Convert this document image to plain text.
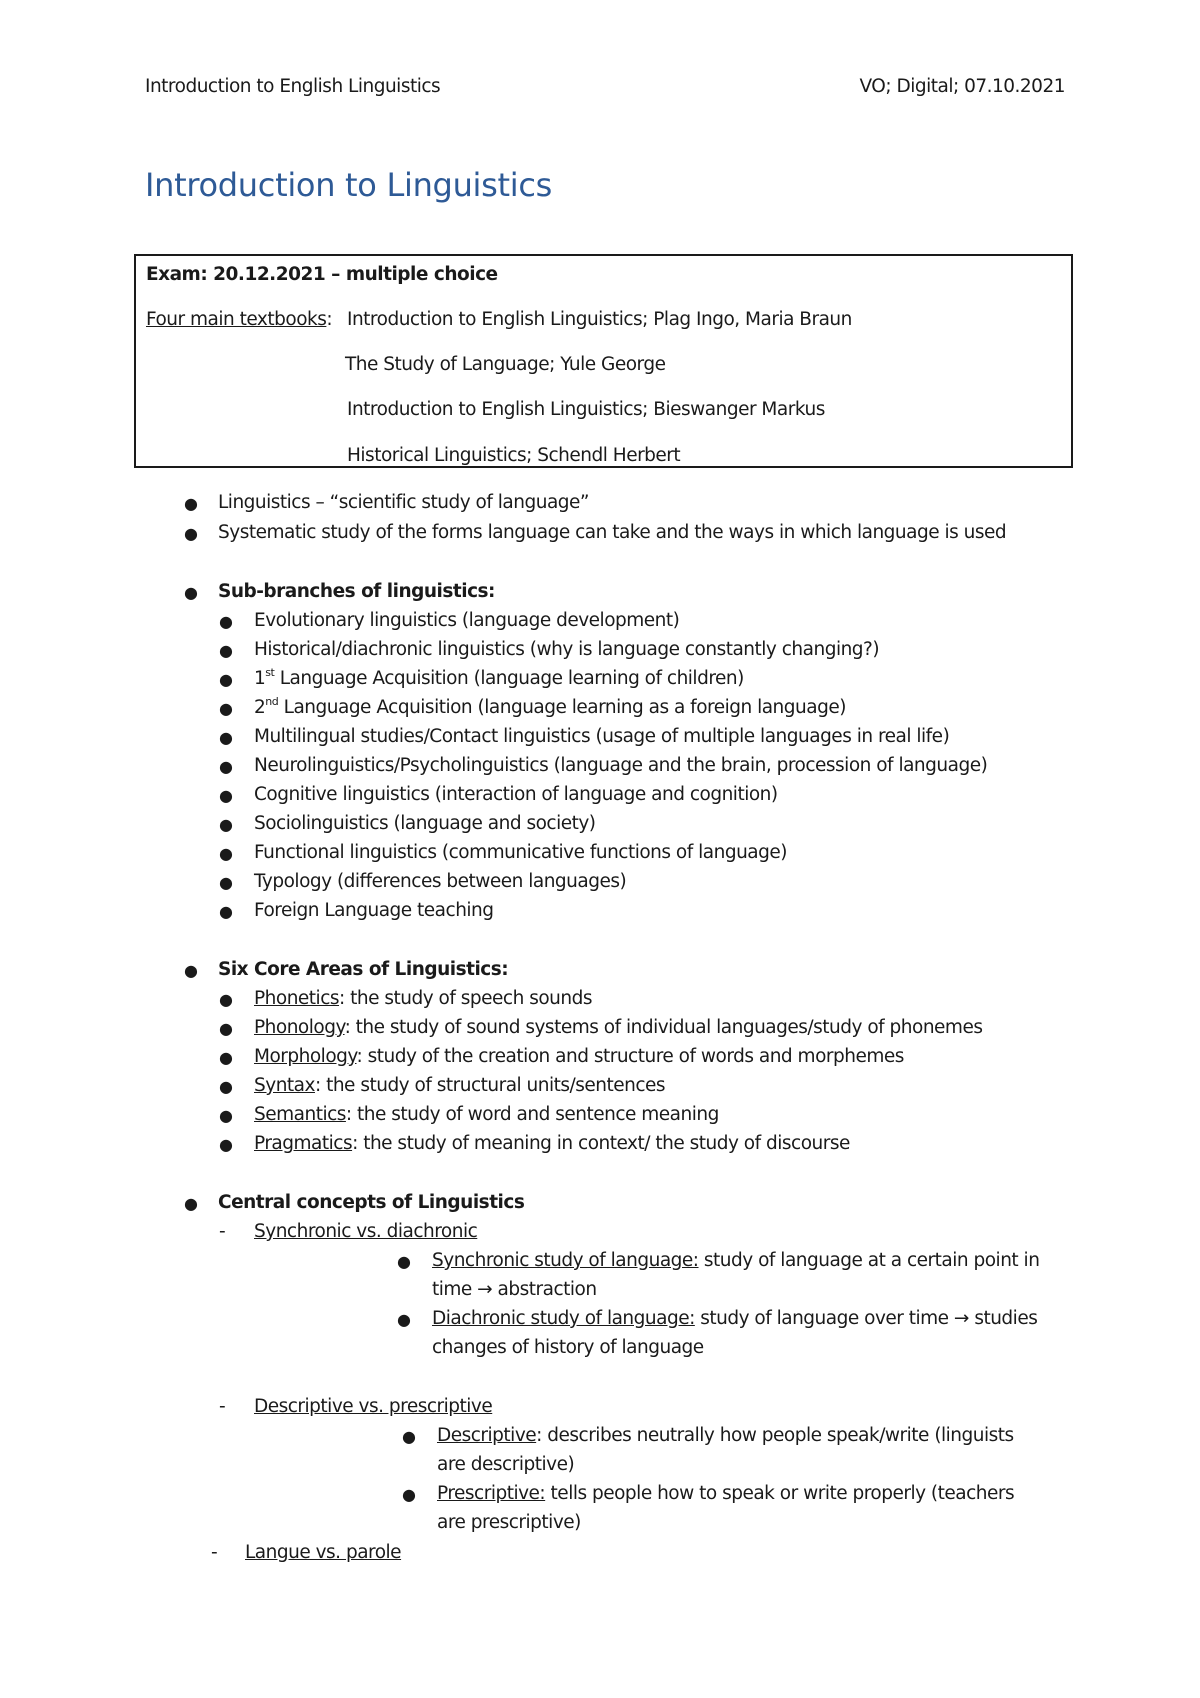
Introduction to English Linguistics	VO; Digital; 07.10.2021
Introduction to Linguistics
Exam: 20.12.2021 – multiple choice
Four main textbooks: Introduction to English Linguistics; Plag Ingo, Maria Braun
The Study of Language; Yule George
Introduction to English Linguistics; Bieswanger Markus
Historical Linguistics; Schendl Herbert
● Linguistics – “scientific study of language”
● Systematic study of the forms language can take and the ways in which language is used
● Sub-branches of linguistics:
● Evolutionary linguistics (language development)
● Historical/diachronic linguistics (why is language constantly changing?)
● 1st Language Acquisition (language learning of children)
● 2nd Language Acquisition (language learning as a foreign language)
● Multilingual studies/Contact linguistics (usage of multiple languages in real life)
● Neurolinguistics/Psycholinguistics (language and the brain, procession of language)
● Cognitive linguistics (interaction of language and cognition)
● Sociolinguistics (language and society)
● Functional linguistics (communicative functions of language)
● Typology (differences between languages)
● Foreign Language teaching
● Six Core Areas of Linguistics:
● Phonetics: the study of speech sounds
● Phonology: the study of sound systems of individual languages/study of phonemes
● Morphology: study of the creation and structure of words and morphemes
● Syntax: the study of structural units/sentences
● Semantics: the study of word and sentence meaning
● Pragmatics: the study of meaning in context/ the study of discourse
● Central concepts of Linguistics
- Synchronic vs. diachronic
● Synchronic study of language: study of language at a certain point in
time → abstraction
● Diachronic study of language: study of language over time → studies
changes of history of language
- Descriptive vs. prescriptive
● Descriptive: describes neutrally how people speak/write (linguists
are descriptive)
● Prescriptive: tells people how to speak or write properly (teachers
are prescriptive)
- Langue vs. parole
